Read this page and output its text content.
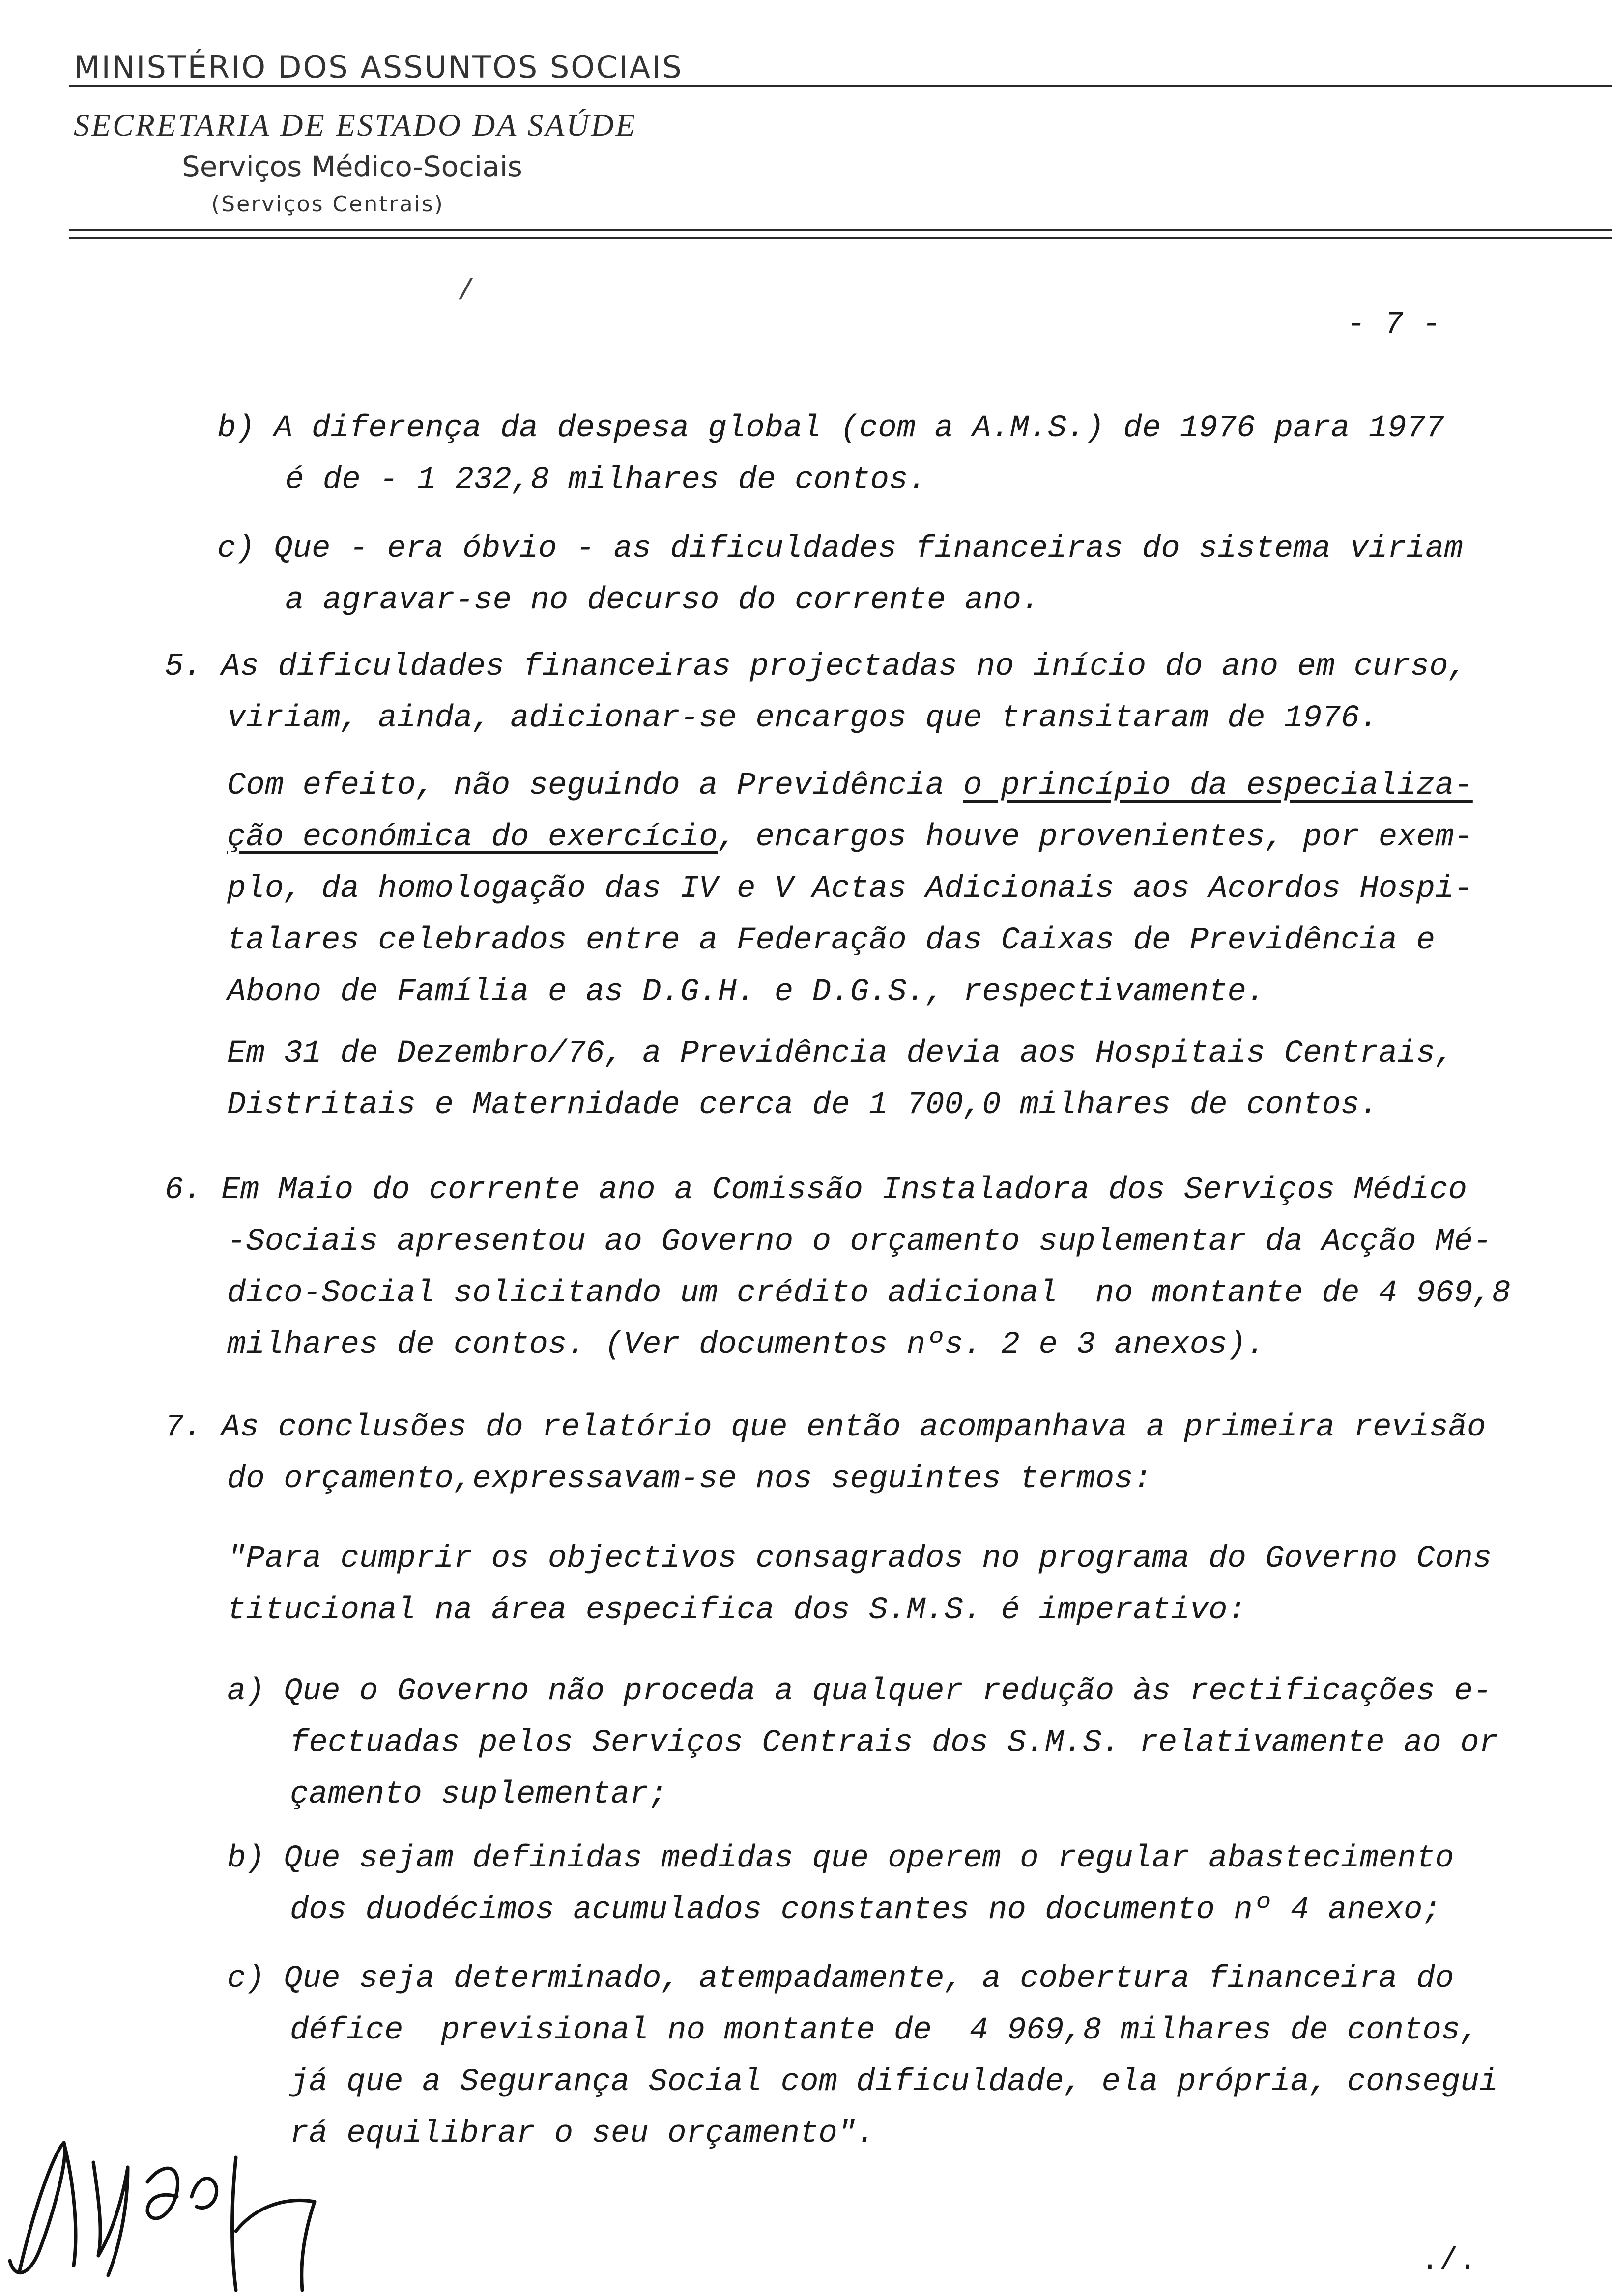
MINISTÉRIO DOS ASSUNTOS SOCIAIS
SECRETARIA DE ESTADO DA SAÚDE
Serviços Médico-Sociais
(Serviços Centrais)
/
- 7 -
b) A diferença da despesa global (com a A.M.S.) de 1976 para 1977
é de - 1 232,8 milhares de contos.
c) Que - era óbvio - as dificuldades financeiras do sistema viriam
a agravar-se no decurso do corrente ano.
5. As dificuldades financeiras projectadas no início do ano em curso,
viriam, ainda, adicionar-se encargos que transitaram de 1976.
Com efeito, não seguindo a Previdência o princípio da especializa-
ção económica do exercício, encargos houve provenientes, por exem-
plo, da homologação das IV e V Actas Adicionais aos Acordos Hospi-
talares celebrados entre a Federação das Caixas de Previdência e
Abono de Família e as D.G.H. e D.G.S., respectivamente.
Em 31 de Dezembro/76, a Previdência devia aos Hospitais Centrais,
Distritais e Maternidade cerca de 1 700,0 milhares de contos.
6. Em Maio do corrente ano a Comissão Instaladora dos Serviços Médico
-Sociais apresentou ao Governo o orçamento suplementar da Acção Mé-
dico-Social solicitando um crédito adicional  no montante de 4 969,8
milhares de contos. (Ver documentos nºs. 2 e 3 anexos).
7. As conclusões do relatório que então acompanhava a primeira revisão
do orçamento,expressavam-se nos seguintes termos:
"Para cumprir os objectivos consagrados no programa do Governo Cons
titucional na área especifica dos S.M.S. é imperativo:
a) Que o Governo não proceda a qualquer redução às rectificações e-
fectuadas pelos Serviços Centrais dos S.M.S. relativamente ao or
çamento suplementar;
b) Que sejam definidas medidas que operem o regular abastecimento
dos duodécimos acumulados constantes no documento nº 4 anexo;
c) Que seja determinado, atempadamente, a cobertura financeira do
défice  previsional no montante de  4 969,8 milhares de contos,
já que a Segurança Social com dificuldade, ela própria, consegui
rá equilibrar o seu orçamento".
./.
